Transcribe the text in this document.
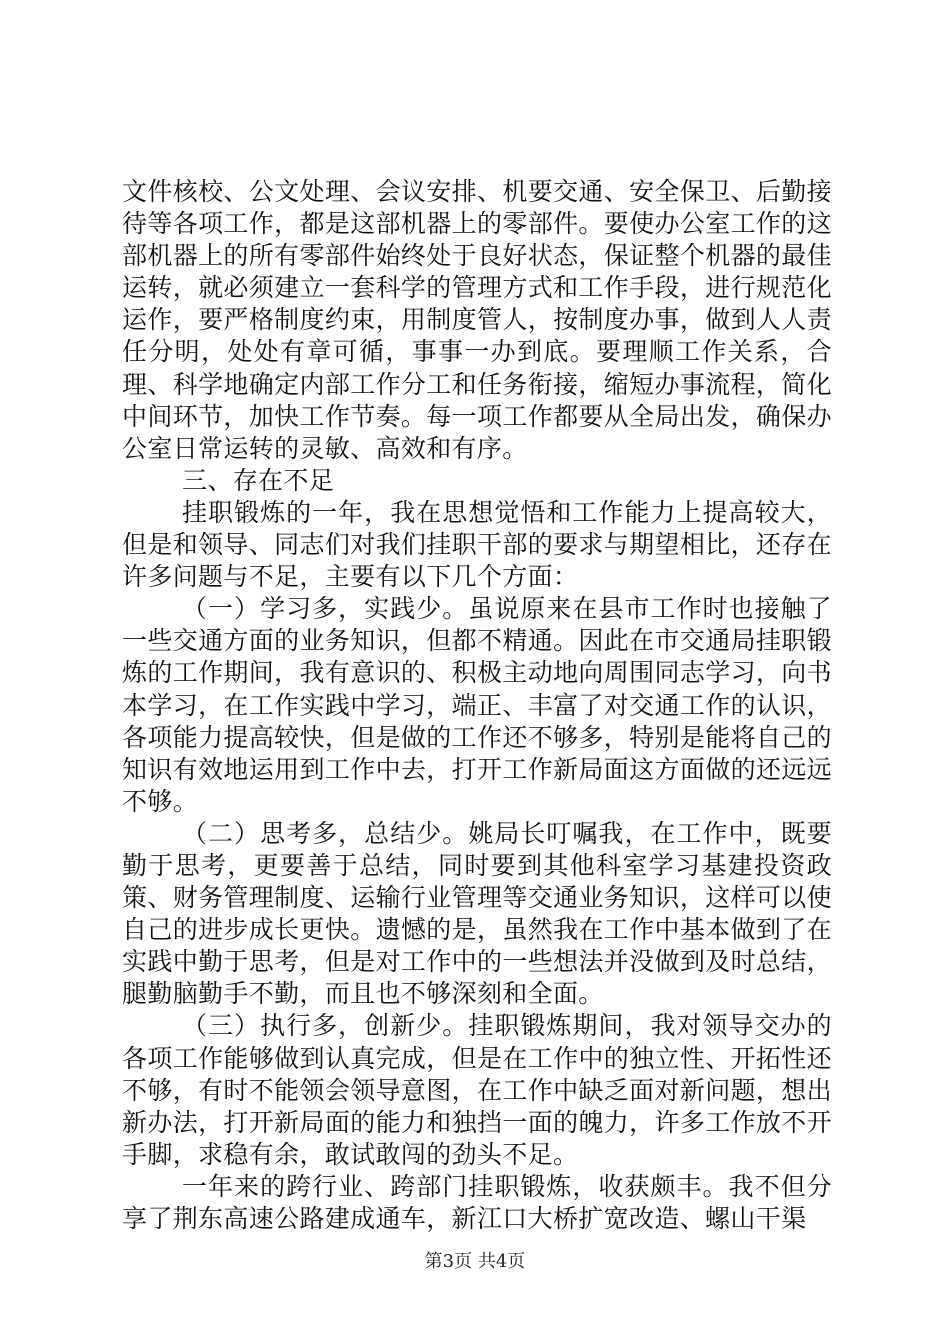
文件核校、公文处理、会议安排、机要交通、安全保卫、后勤接待等各项工作，都是这部机器上的零部件。要使办公室工作的这部机器上的所有零部件始终处于良好状态，保证整个机器的最佳运转，就必须建立一套科学的管理方式和工作手段，进行规范化运作，要严格制度约束，用制度管人，按制度办事，做到人人责任分明，处处有章可循，事事一办到底。要理顺工作关系，合理、科学地确定内部工作分工和任务衔接，缩短办事流程，简化中间环节，加快工作节奏。每一项工作都要从全局出发，确保办公室日常运转的灵敏、高效和有序。

三、存在不足

挂职锻炼的一年，我在思想觉悟和工作能力上提高较大，但是和领导、同志们对我们挂职干部的要求与期望相比，还存在许多问题与不足，主要有以下几个方面：

（一）学习多，实践少。虽说原来在县市工作时也接触了一些交通方面的业务知识，但都不精通。因此在市交通局挂职锻炼的工作期间，我有意识的、积极主动地向周围同志学习，向书本学习，在工作实践中学习，端正、丰富了对交通工作的认识，各项能力提高较快，但是做的工作还不够多，特别是能将自己的知识有效地运用到工作中去，打开工作新局面这方面做的还远远不够。

（二）思考多，总结少。姚局长叮嘱我，在工作中，既要勤于思考，更要善于总结，同时要到其他科室学习基建投资政策、财务管理制度、运输行业管理等交通业务知识，这样可以使自己的进步成长更快。遗憾的是，虽然我在工作中基本做到了在实践中勤于思考，但是对工作中的一些想法并没做到及时总结，腿勤脑勤手不勤，而且也不够深刻和全面。

（三）执行多，创新少。挂职锻炼期间，我对领导交办的各项工作能够做到认真完成，但是在工作中的独立性、开拓性还不够，有时不能领会领导意图，在工作中缺乏面对新问题，想出新办法，打开新局面的能力和独挡一面的魄力，许多工作放不开手脚，求稳有余，敢试敢闯的劲头不足。

一年来的跨行业、跨部门挂职锻炼，收获颇丰。我不但分享了荆东高速公路建成通车，新江口大桥扩宽改造、螺山干渠

第3页 共4页
